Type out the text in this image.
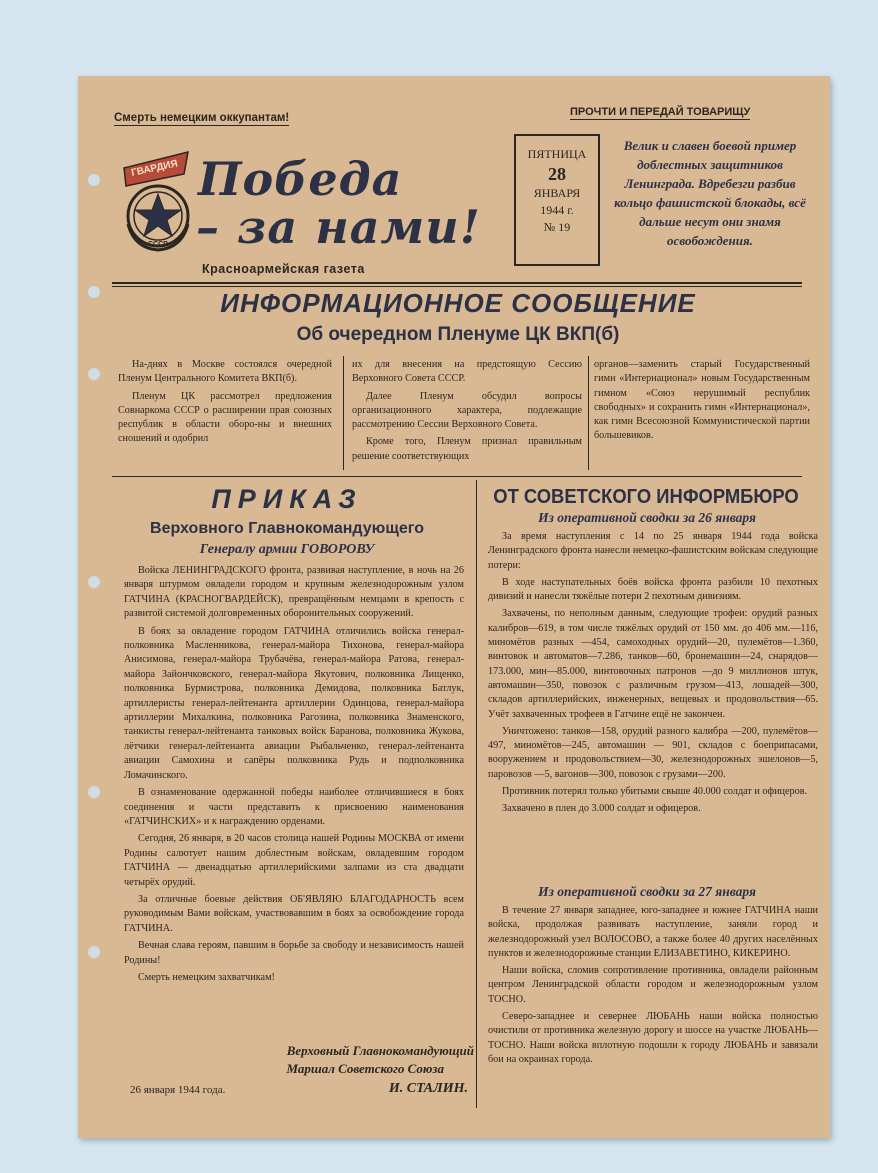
Смерть немецким оккупантам!	ПРОЧТИ И ПЕРЕДАЙ ТОВАРИЩУ
ГВАРДИЯ
СССР
Победа
– за нами!
Красноармейская газета
ПЯТНИЦА
28
ЯНВАРЯ
1944 г.
№ 19
Велик и славен боевой пример доблестных защитников Ленинграда. Вдребезги разбив кольцо фашистской блокады, всё дальше несут они знамя освобождения.
ИНФОРМАЦИОННОЕ СООБЩЕНИЕ
Об очередном Пленуме ЦК ВКП(б)

На-днях в Москве состоялся очередной Пленум Центрального Комитета ВКП(б).

Пленум ЦК рассмотрел предложения Совнаркома СССР о расширении прав союзных республик в области оборо-ны и внешних сношений и одобрил

их для внесения на предстоящую Сессию Верховного Совета СССР.

Далее Пленум обсудил вопросы организационного характера, подлежащие рассмотрению Сессии Верховного Совета.

Кроме того, Пленум признал правильным решение соответствующих

органов—заменить старый Государственный гимн «Интернационал» новым Государственным гимном «Союз нерушимый республик свободных» и сохранить гимн «Интернационал», как гимн Всесоюзной Коммунистической партии большевиков.

ПРИКАЗ
Верховного Главнокомандующего
Генералу армии ГОВОРОВУ

Войска ЛЕНИНГРАДСКОГО фронта, развивая наступление, в ночь на 26 января штурмом овладели городом и крупным железнодорожным узлом ГАТЧИНА (КРАСНОГВАРДЕЙСК), превращённым немцами в крепость с развитой системой долговременных оборонительных сооружений.

В боях за овладение городом ГАТЧИНА отличились войска генерал-полковника Масленникова, генерал-майора Тихонова, генерал-майора Анисимова, генерал-майора Трубачёва, генерал-майора Ратова, генерал-майора Зайончковского, генерал-майора Якутович, полковника Лищенко, полковника Бурмистрова, полковника Демидова, полковника Батлук, артиллеристы генерал-лейтенанта артиллерии Одинцова, генерал-майора артиллерии Михалкина, полковника Рагозина, полковника Знаменского, танкисты генерал-лейтенанта танковых войск Баранова, полковника Жукова, лётчики генерал-лейтенанта авиации Рыбальченко, генерал-лейтенанта авиации Самохина и сапёры полковника Рудь и подполковника Ломачинского.

В ознаменование одержанной победы наиболее отличившиеся в боях соединения и части представить к присвоению наименования «ГАТЧИНСКИХ» и к награждению орденами.

Сегодня, 26 января, в 20 часов столица нашей Родины МОСКВА от имени Родины салютует нашим доблестным войскам, овладевшим городом ГАТЧИНА — двенадцатью артиллерийскими залпами из ста двадцати четырёх орудий.

За отличные боевые действия ОБ'ЯВЛЯЮ БЛАГОДАРНОСТЬ всем руководимым Вами войскам, участвовавшим в боях за освобождение города ГАТЧИНА.

Вечная слава героям, павшим в борьбе за свободу и независимость нашей Родины!

Смерть немецким захватчикам!

Верховный Главнокомандующий
Маршал Советского Союза
26 января 1944 года.	И. СТАЛИН.
ОТ СОВЕТСКОГО ИНФОРМБЮРО
Из оперативной сводки за 26 января

За время наступления с 14 по 25 января 1944 года войска Ленинградского фронта нанесли немецко-фашистским войскам следующие потери:

В ходе наступательных боёв войска фронта разбили 10 пехотных дивизий и нанесли тяжёлые потери 2 пехотным дивизиям.

Захвачены, по неполным данным, следующие трофеи: орудий разных калибров—619, в том числе тяжёлых орудий от 150 мм. до 406 мм.—116, миномётов разных —454, самоходных орудий—20, пулемётов—1.360, винтовок и автоматов—7.286, танков—60, бронемашин—24, снарядов—173.000, мин—85.000, винтовочных патронов —до 9 миллионов штук, автомашин—350, повозок с различным грузом—413, лошадей—300, складов артиллерийских, инженерных, вещевых и продовольствия—65. Учёт захваченных трофеев в Гатчине ещё не закончен.

Уничтожено: танков—158, орудий разного калибра —200, пулемётов—497, миномётов—245, автомашин — 901, складов с боеприпасами, вооружением и продовольствием—30, железнодорожных эшелонов—5, паровозов —5, вагонов—300, повозок с грузами—200.

Противник потерял только убитыми свыше 40.000 солдат и офицеров.

Захвачено в плен до 3.000 солдат и офицеров.

Из оперативной сводки за 27 января

В течение 27 января западнее, юго-западнее и южнее ГАТЧИНА наши войска, продолжая развивать наступление, заняли город и железнодорожный узел ВОЛОСОВО, а также более 40 других населённых пунктов и железнодорожные станции ЕЛИЗАВЕТИНО, КИКЕРИНО.

Наши войска, сломив сопротивление противника, овладели районным центром Ленинградской области городом и железнодорожным узлом ТОСНО.

Северо-западнее и севернее ЛЮБАНЬ наши войска полностью очистили от противника железную дорогу и шоссе на участке ЛЮБАНЬ—ТОСНО. Наши войска вплотную подошли к городу ЛЮБАНЬ и завязали бои на окраинах города.
